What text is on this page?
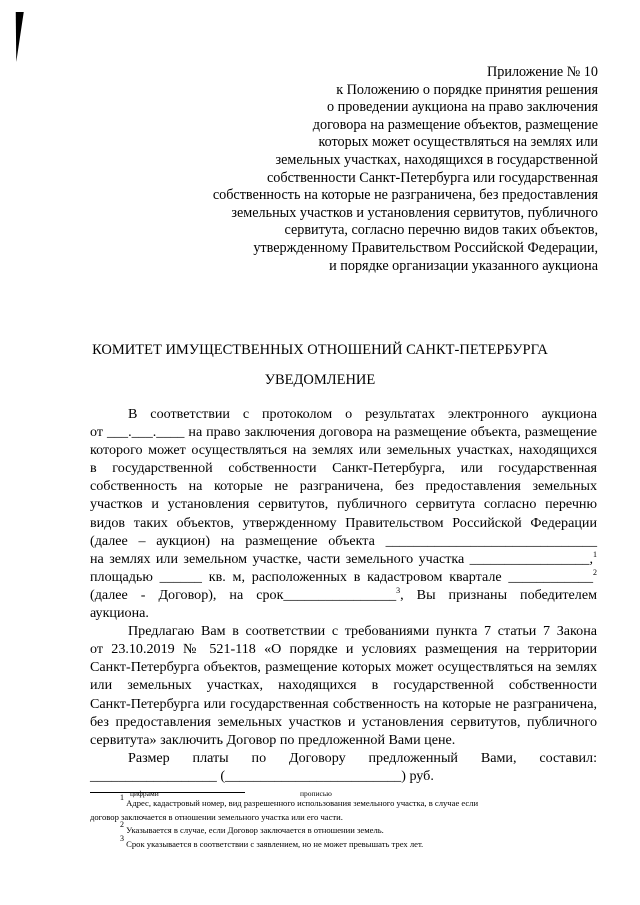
Приложение № 10
к Положению о порядке принятия решения
о проведении аукциона на право заключения
договора на размещение объектов, размещение
которых может осуществляться на землях или
земельных участках, находящихся в государственной
собственности Санкт-Петербурга или государственная
собственность на которые не разграничена, без предоставления
земельных участков и установления сервитутов, публичного
сервитута, согласно перечню видов таких объектов,
утвержденному Правительством Российской Федерации,
и порядке организации указанного аукциона
КОМИТЕТ ИМУЩЕСТВЕННЫХ ОТНОШЕНИЙ САНКТ-ПЕТЕРБУРГА
УВЕДОМЛЕНИЕ
В соответствии с протоколом о результатах электронного аукциона
от ___.___.____ на право заключения договора на размещение объекта, размещение
которого может осуществляться на землях или земельных участках, находящихся
в государственной собственности Санкт-Петербурга, или государственная
собственность на которые не разграничена, без предоставления земельных
участков и установления сервитутов, публичного сервитута согласно перечню
видов таких объектов, утвержденному Правительством Российской Федерации
(далее – аукцион) на размещение объекта ______________________________
на землях или земельном участке, части земельного участка _________________,$^1$
площадью ______ кв. м, расположенных в кадастровом квартале ____________$^2$
(далее - Договор), на срок________________$^3$, Вы признаны победителем
аукциона.
Предлагаю Вам в соответствии с требованиями пункта 7 статьи 7 Закона
от 23.10.2019 № 521-118 «О порядке и условиях размещения на территории
Санкт-Петербурга объектов, размещение которых может осуществляться на землях
или земельных участках, находящихся в государственной собственности
Санкт-Петербурга или государственная собственность на которые не разграничена,
без предоставления земельных участков и установления сервитутов, публичного
сервитута» заключить Договор по предложенной Вами цене.
Размер платы по Договору предложенный Вами, составил:
__________________ (_________________________) руб.
цифрами	прописью
$^1$ Адрес, кадастровый номер, вид разрешенного использования земельного участка, в случае если
договор заключается в отношении земельного участка или его части.
$^2$ Указывается в случае, если Договор заключается в отношении земель.
$^3$ Срок указывается в соответствии с заявлением, но не может превышать трех лет.
